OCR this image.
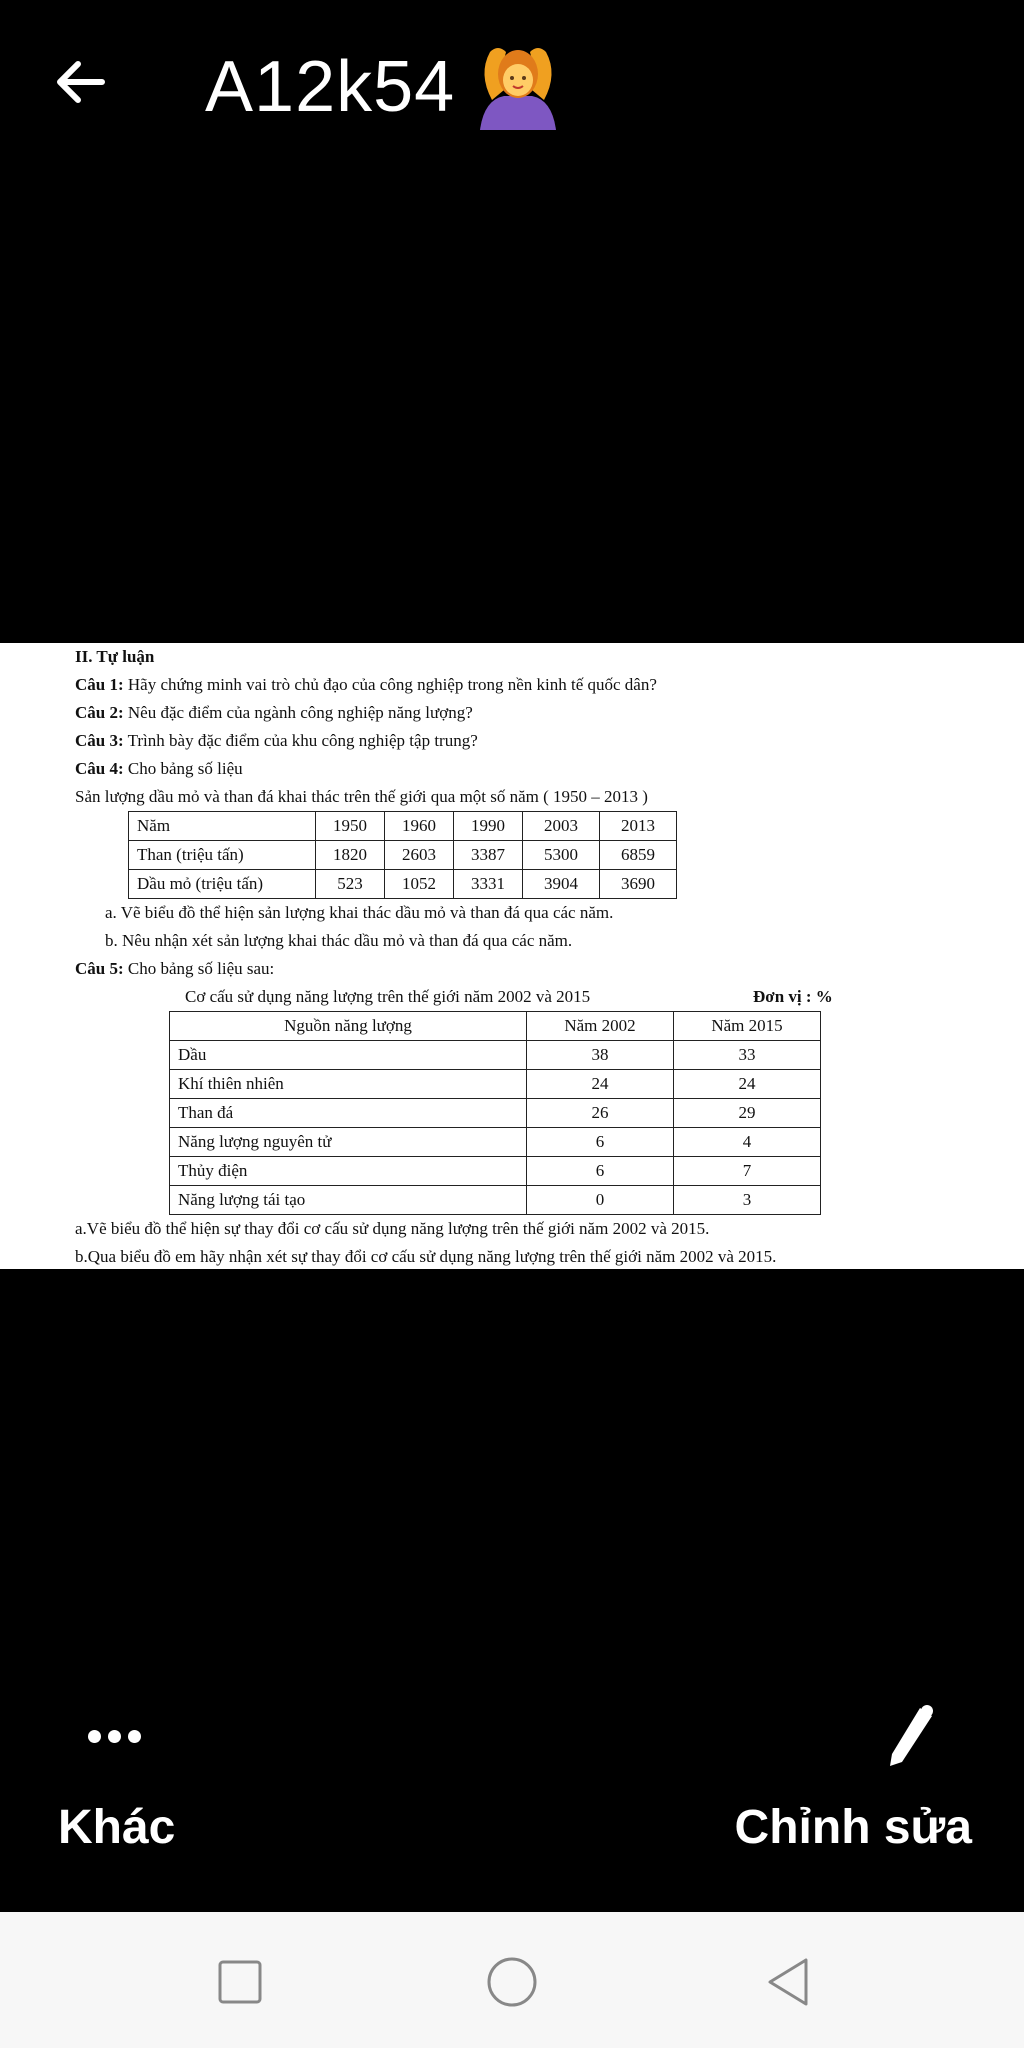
A12k54
II. Tự luận
Câu 1: Hãy chứng minh vai trò chủ đạo của công nghiệp trong nền kinh tế quốc dân?
Câu 2: Nêu đặc điểm của ngành công nghiệp năng lượng?
Câu 3: Trình bày đặc điểm của khu công nghiệp tập trung?
Câu 4: Cho bảng số liệu
Sản lượng dầu mỏ và than đá khai thác trên thế giới qua một số năm ( 1950 – 2013 )
Năm	1950	1960	1990	2003	2013
Than (triệu tấn)	1820	2603	3387	5300	6859
Dầu mỏ (triệu tấn)	523	1052	3331	3904	3690
a. Vẽ biểu đồ thể hiện sản lượng khai thác dầu mỏ và than đá qua các năm.
b. Nêu nhận xét sản lượng khai thác dầu mỏ và than đá qua các năm.
Câu 5: Cho bảng số liệu sau:
Cơ cấu sử dụng năng lượng trên thế giới năm 2002 và 2015	Đơn vị : %
Nguồn năng lượng	Năm 2002	Năm 2015
Dầu	38	33
Khí thiên nhiên	24	24
Than đá	26	29
Năng lượng nguyên tử	6	4
Thủy điện	6	7
Năng lượng tái tạo	0	3
a.Vẽ biểu đồ thể hiện sự thay đổi cơ cấu sử dụng năng lượng trên thế giới năm 2002 và 2015.
b.Qua biểu đồ em hãy nhận xét sự thay đổi cơ cấu sử dụng năng lượng trên thế giới năm 2002 và 2015.
Khác	Chỉnh sửa
